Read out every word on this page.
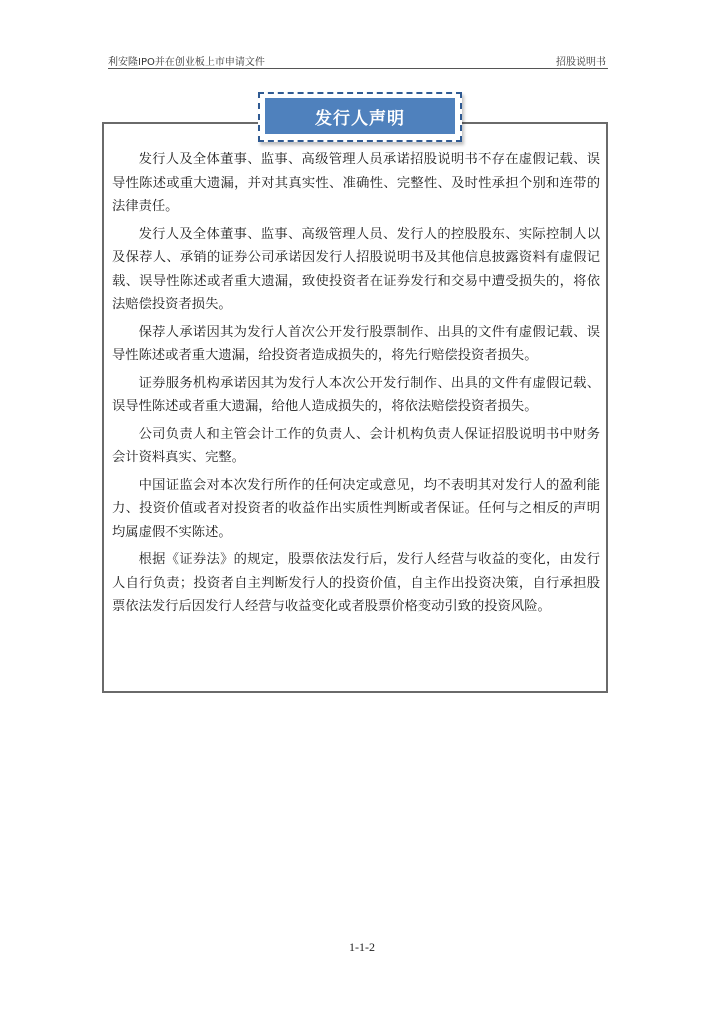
利安隆IPO并在创业板上市申请文件	招股说明书
发行人声明

发行人及全体董事、监事、高级管理人员承诺招股说明书不存在虚假记载、误导性陈述或重大遗漏，并对其真实性、准确性、完整性、及时性承担个别和连带的法律责任。

发行人及全体董事、监事、高级管理人员、发行人的控股股东、实际控制人以及保荐人、承销的证券公司承诺因发行人招股说明书及其他信息披露资料有虚假记载、误导性陈述或者重大遗漏，致使投资者在证券发行和交易中遭受损失的，将依法赔偿投资者损失。

保荐人承诺因其为发行人首次公开发行股票制作、出具的文件有虚假记载、误导性陈述或者重大遗漏，给投资者造成损失的，将先行赔偿投资者损失。

证券服务机构承诺因其为发行人本次公开发行制作、出具的文件有虚假记载、误导性陈述或者重大遗漏，给他人造成损失的，将依法赔偿投资者损失。

公司负责人和主管会计工作的负责人、会计机构负责人保证招股说明书中财务会计资料真实、完整。

中国证监会对本次发行所作的任何决定或意见，均不表明其对发行人的盈利能力、投资价值或者对投资者的收益作出实质性判断或者保证。任何与之相反的声明均属虚假不实陈述。

根据《证券法》的规定，股票依法发行后，发行人经营与收益的变化，由发行人自行负责；投资者自主判断发行人的投资价值，自主作出投资决策，自行承担股票依法发行后因发行人经营与收益变化或者股票价格变动引致的投资风险。

1-1-2
